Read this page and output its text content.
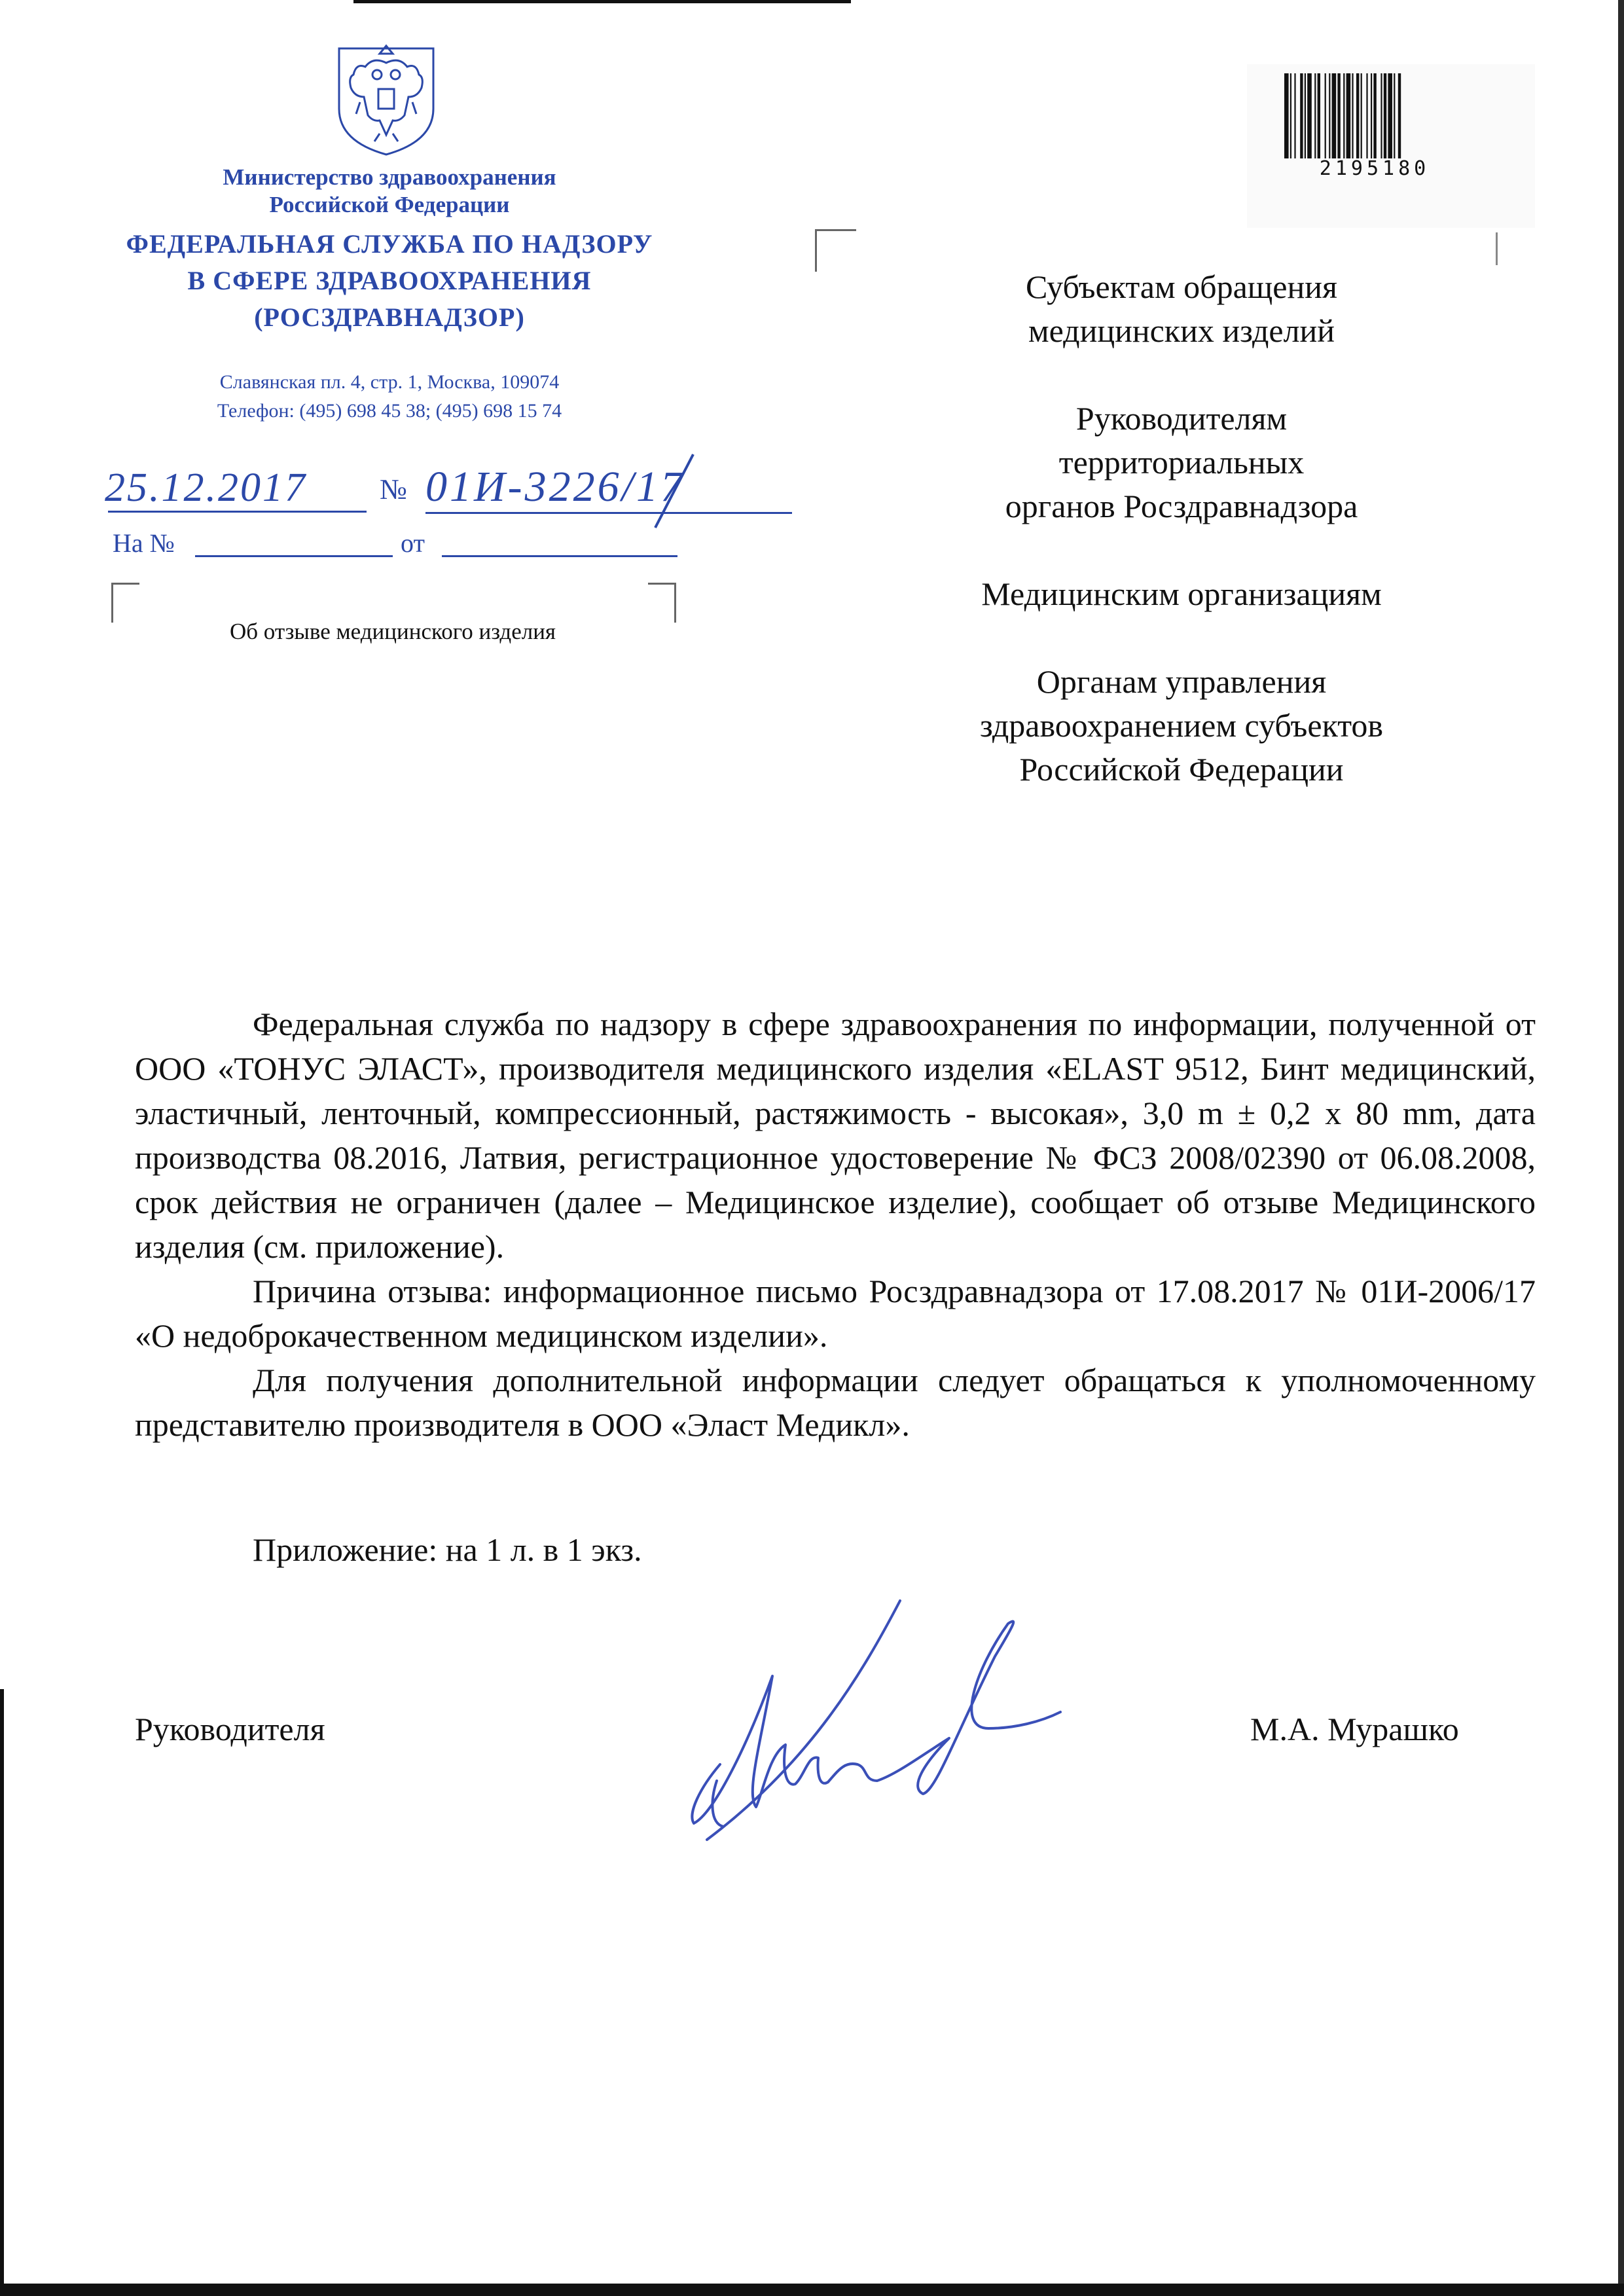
Министерство здравоохранения
Российской Федерации
ФЕДЕРАЛЬНАЯ СЛУЖБА ПО НАДЗОРУ
В СФЕРЕ ЗДРАВООХРАНЕНИЯ
(РОСЗДРАВНАДЗОР)
Славянская пл. 4, стр. 1, Москва, 109074
Телефон: (495) 698 45 38; (495) 698 15 74
25.12.2017	№ 01И-3226/17
На №	от
Об отзыве медицинского изделия
2195180
Субъектам обращения
медицинских изделий
Руководителям
территориальных
органов Росздравнадзора
Медицинским организациям
Органам управления
здравоохранением субъектов
Российской Федерации

Федеральная служба по надзору в сфере здравоохранения по информации, полученной от ООО «ТОНУС ЭЛАСТ», производителя медицинского изделия «ELAST 9512, Бинт медицинский, эластичный, ленточный, компрессионный, растяжимость - высокая», 3,0 m ± 0,2 x 80 mm, дата производства 08.2016, Латвия, регистрационное удостоверение № ФСЗ 2008/02390 от 06.08.2008, срок действия не ограничен (далее – Медицинское изделие), сообщает об отзыве Медицинского изделия (см. приложение).

Причина отзыва: информационное письмо Росздравнадзора от 17.08.2017 № 01И-2006/17 «О недоброкачественном медицинском изделии».

Для получения дополнительной информации следует обращаться к уполномоченному представителю производителя в ООО «Эласт Медикл».

Приложение: на 1 л. в 1 экз.
Руководителя	М.А. Мурашко
